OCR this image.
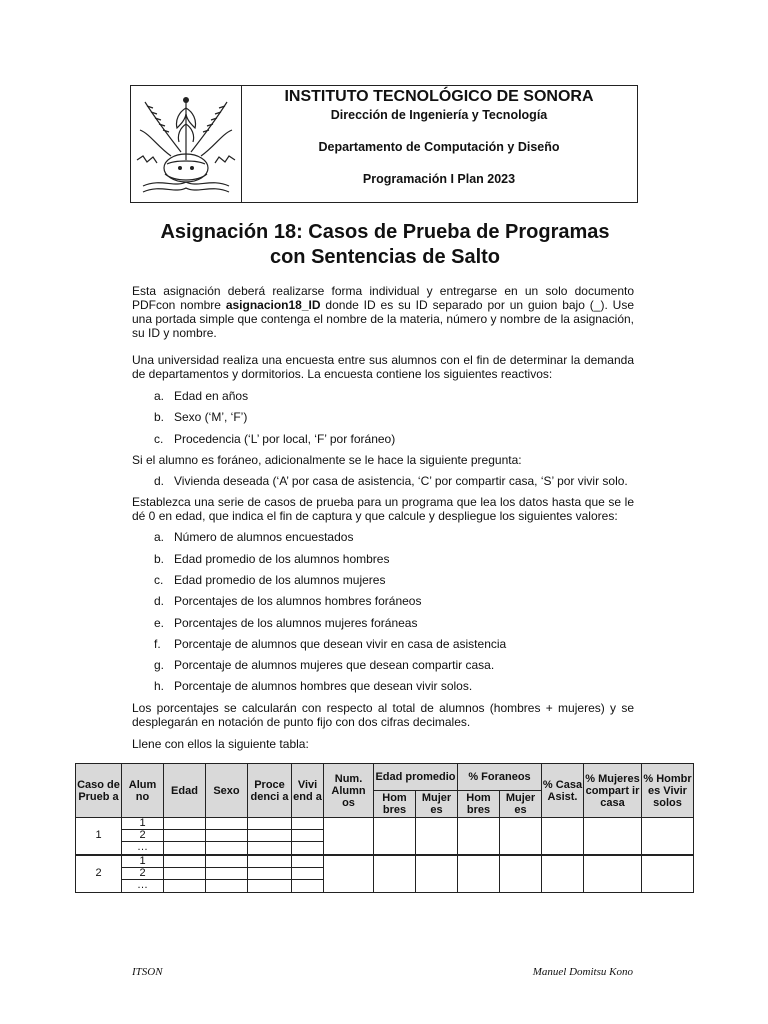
INSTITUTO TECNOLÓGICO DE SONORA
Dirección de Ingeniería y Tecnología
Departamento de Computación y Diseño
Programación I Plan 2023
Asignación 18: Casos de Prueba de Programas
con Sentencias de Salto

Esta asignación deberá realizarse forma individual y entregarse en un solo documento PDFcon nombre asignacion18_ID donde ID es su ID separado por un guion bajo (_). Use una portada simple que contenga el nombre de la materia, número y nombre de la asignación, su ID y nombre.

Una universidad realiza una encuesta entre sus alumnos con el fin de determinar la demanda de departamentos y dormitorios. La encuesta contiene los siguientes reactivos:

a. Edad en años
b. Sexo (‘M’, ‘F’)
c. Procedencia (‘L’ por local, ‘F’ por foráneo)

Si el alumno es foráneo, adicionalmente se le hace la siguiente pregunta:

d. Vivienda deseada (‘A’ por casa de asistencia, ‘C’ por compartir casa, ‘S’ por vivir solo.

Establezca una serie de casos de prueba para un programa que lea los datos hasta que se le dé 0 en edad, que indica el fin de captura y que calcule y despliegue los siguientes valores:

a. Número de alumnos encuestados
b. Edad promedio de los alumnos hombres
c. Edad promedio de los alumnos mujeres
d. Porcentajes de los alumnos hombres foráneos
e. Porcentajes de los alumnos mujeres foráneas
f. Porcentaje de alumnos que desean vivir en casa de asistencia
g. Porcentaje de alumnos mujeres que desean compartir casa.
h. Porcentaje de alumnos hombres que desean vivir solos.

Los porcentajes se calcularán con respecto al total de alumnos (hombres + mujeres) y se desplegarán en notación de punto fijo con dos cifras decimales.

Llene con ellos la siguiente tabla:

Caso de Prueb a	Alum no	Edad	Sexo	Proce denci a	Vivi end a	Num. Alumn os	Edad promedio		% Foraneos		% Casa Asist.	% Mujeres compart ir casa	% Hombr es Vivir solos
							Hom bres	Mujer es	Hom bres	Mujer es			
1	1												
	2												
	…												
2	1												
	2												
	…												
ITSON	Manuel Domitsu Kono
